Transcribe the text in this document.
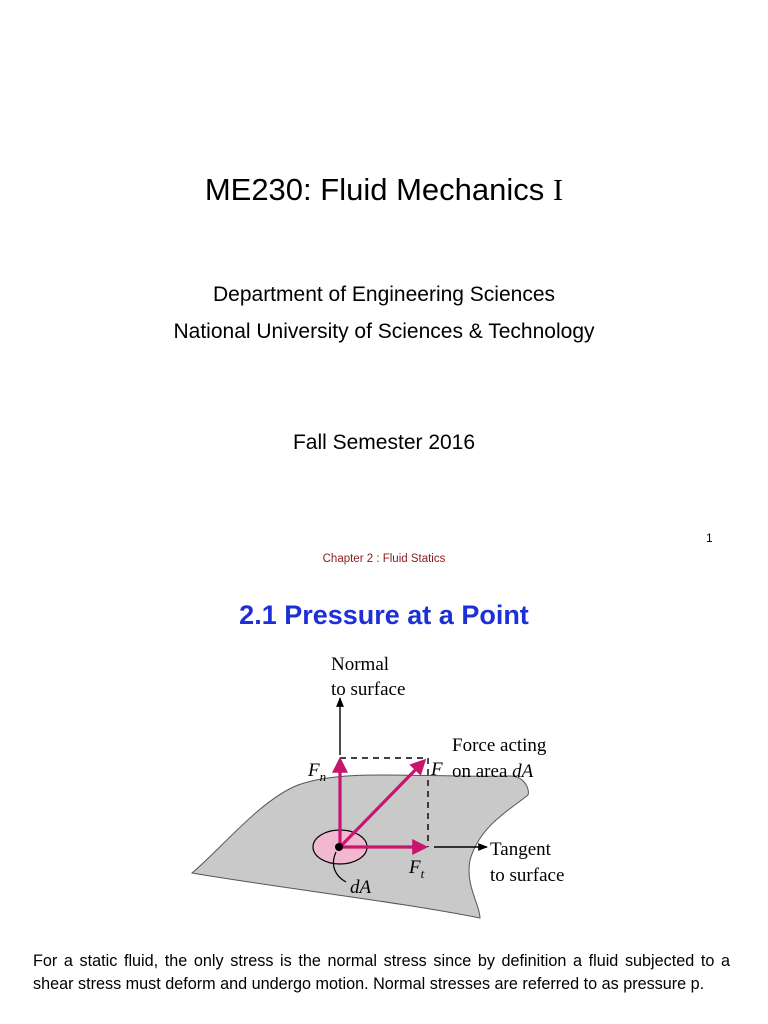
ME230: Fluid Mechanics I
Department of Engineering Sciences
National University of Sciences & Technology
Fall Semester 2016
1
Chapter 2 : Fluid Statics
2.1 Pressure at a Point
Normal
to surface
Force acting
on area dA
$F_n$	F
$F_t$
dA
Tangent
to surface

For a static fluid, the only stress is the normal stress since by definition a fluid subjected to a shear stress must deform and undergo motion. Normal stresses are referred to as pressure p.
